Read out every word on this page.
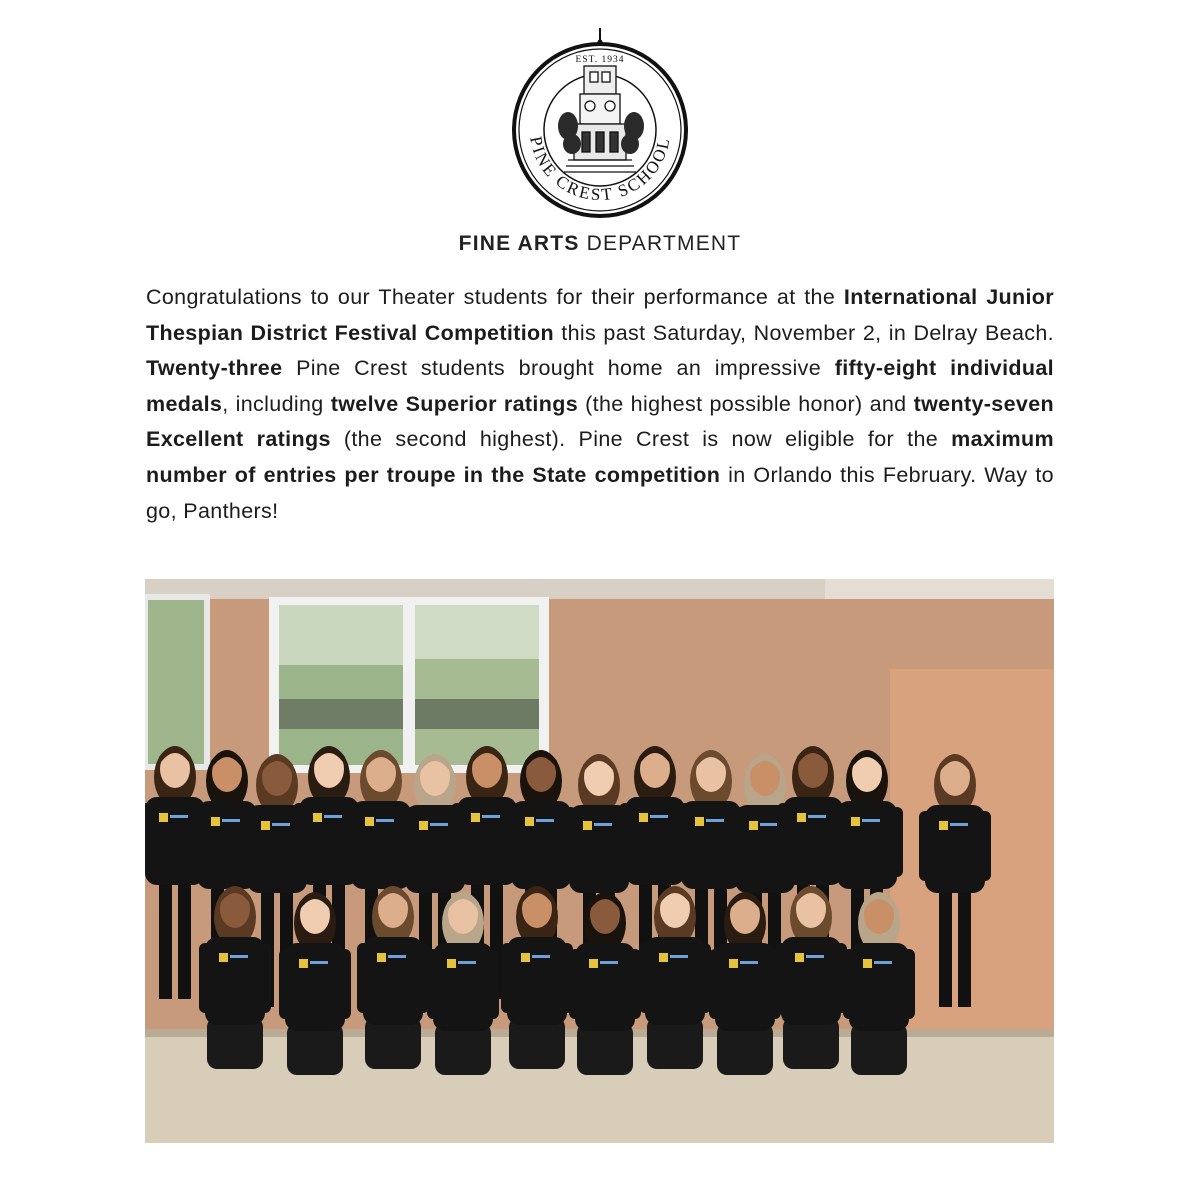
EST. 1934
PINE CREST SCHOOL
FINE ARTS DEPARTMENT
Congratulations to our Theater students for their performance at the International Junior Thespian District Festival Competition this past Saturday, November 2, in Delray Beach. Twenty-three Pine Crest students brought home an impressive fifty-eight individual medals, including twelve Superior ratings (the highest possible honor) and twenty-seven Excellent ratings (the second highest). Pine Crest is now eligible for the maximum number of entries per troupe in the State competition in Orlando this February. Way to go, Panthers!
